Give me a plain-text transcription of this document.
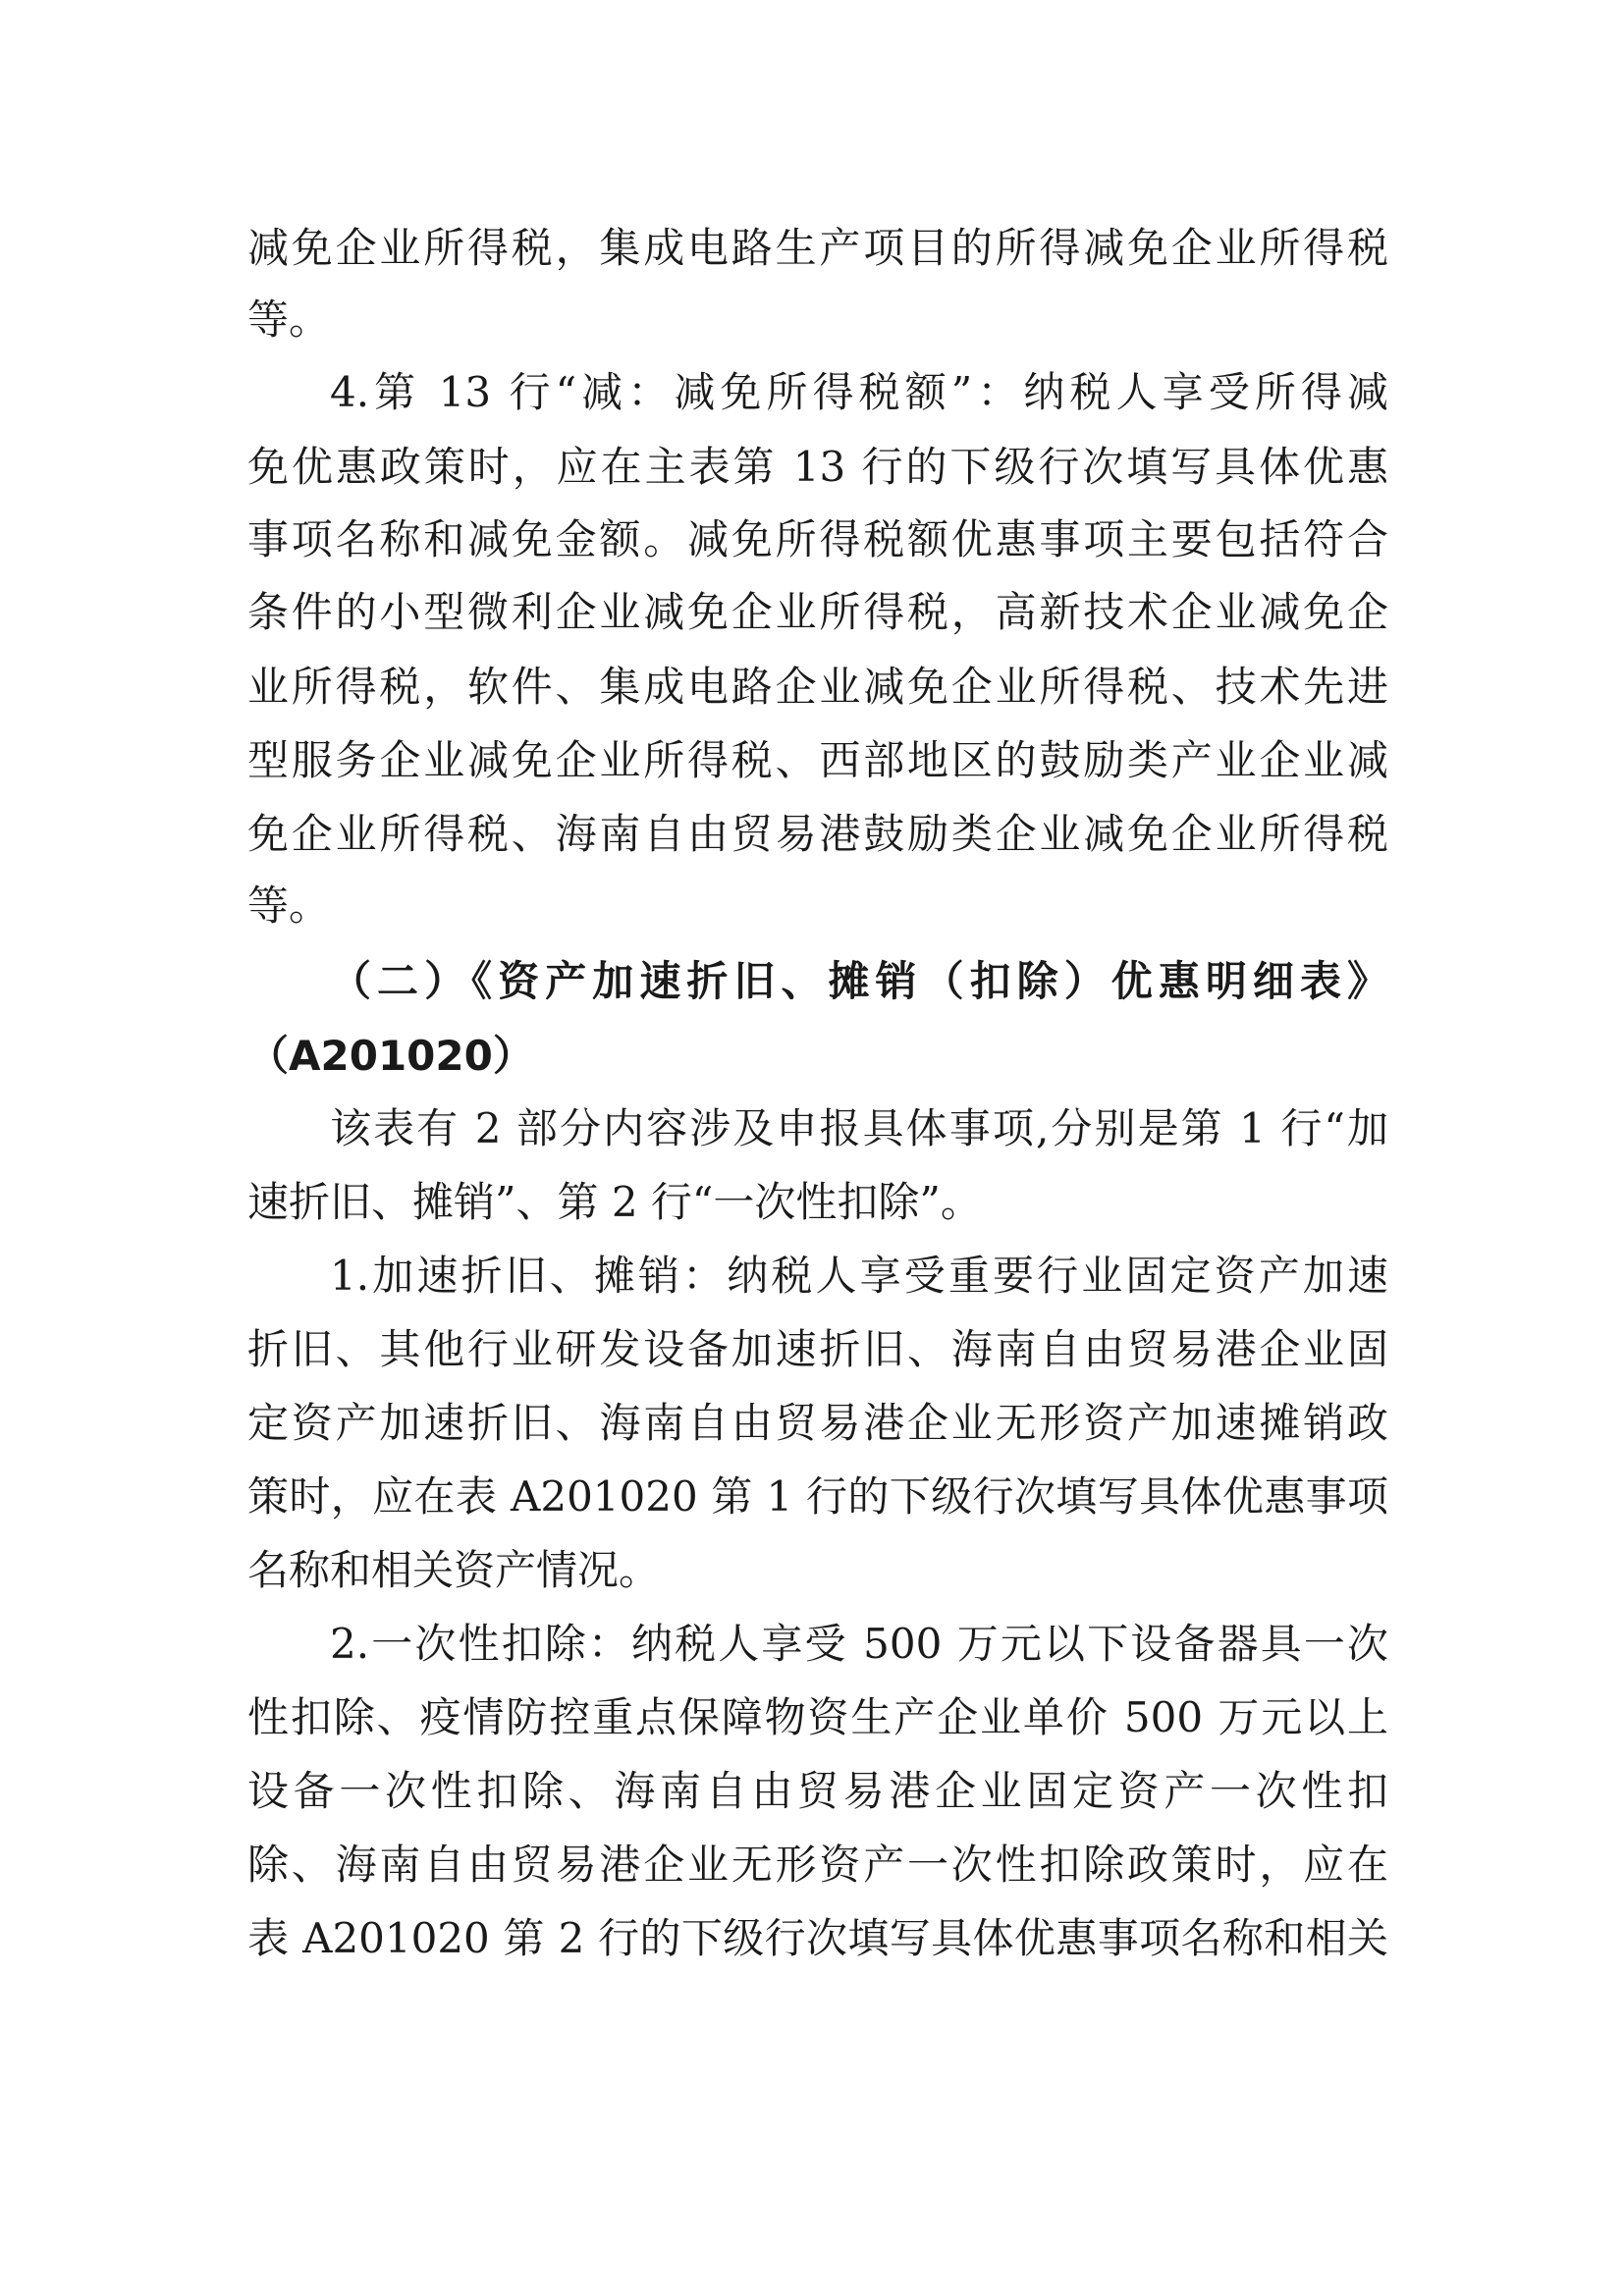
减免企业所得税，集成电路生产项目的所得减免企业所得税
等。
4.第 13 行“减：减免所得税额”：纳税人享受所得减
免优惠政策时，应在主表第 13 行的下级行次填写具体优惠
事项名称和减免金额。减免所得税额优惠事项主要包括符合
条件的小型微利企业减免企业所得税，高新技术企业减免企
业所得税，软件、集成电路企业减免企业所得税、技术先进
型服务企业减免企业所得税、西部地区的鼓励类产业企业减
免企业所得税、海南自由贸易港鼓励类企业减免企业所得税
等。
（二）《资产加速折旧、摊销（扣除）优惠明细表》
（A201020）
该表有 2 部分内容涉及申报具体事项,分别是第 1 行“加
速折旧、摊销”、第 2 行“一次性扣除”。
1.加速折旧、摊销：纳税人享受重要行业固定资产加速
折旧、其他行业研发设备加速折旧、海南自由贸易港企业固
定资产加速折旧、海南自由贸易港企业无形资产加速摊销政
策时，应在表 A201020 第 1 行的下级行次填写具体优惠事项
名称和相关资产情况。
2.一次性扣除：纳税人享受 500 万元以下设备器具一次
性扣除、疫情防控重点保障物资生产企业单价 500 万元以上
设备一次性扣除、海南自由贸易港企业固定资产一次性扣
除、海南自由贸易港企业无形资产一次性扣除政策时，应在
表 A201020 第 2 行的下级行次填写具体优惠事项名称和相关
